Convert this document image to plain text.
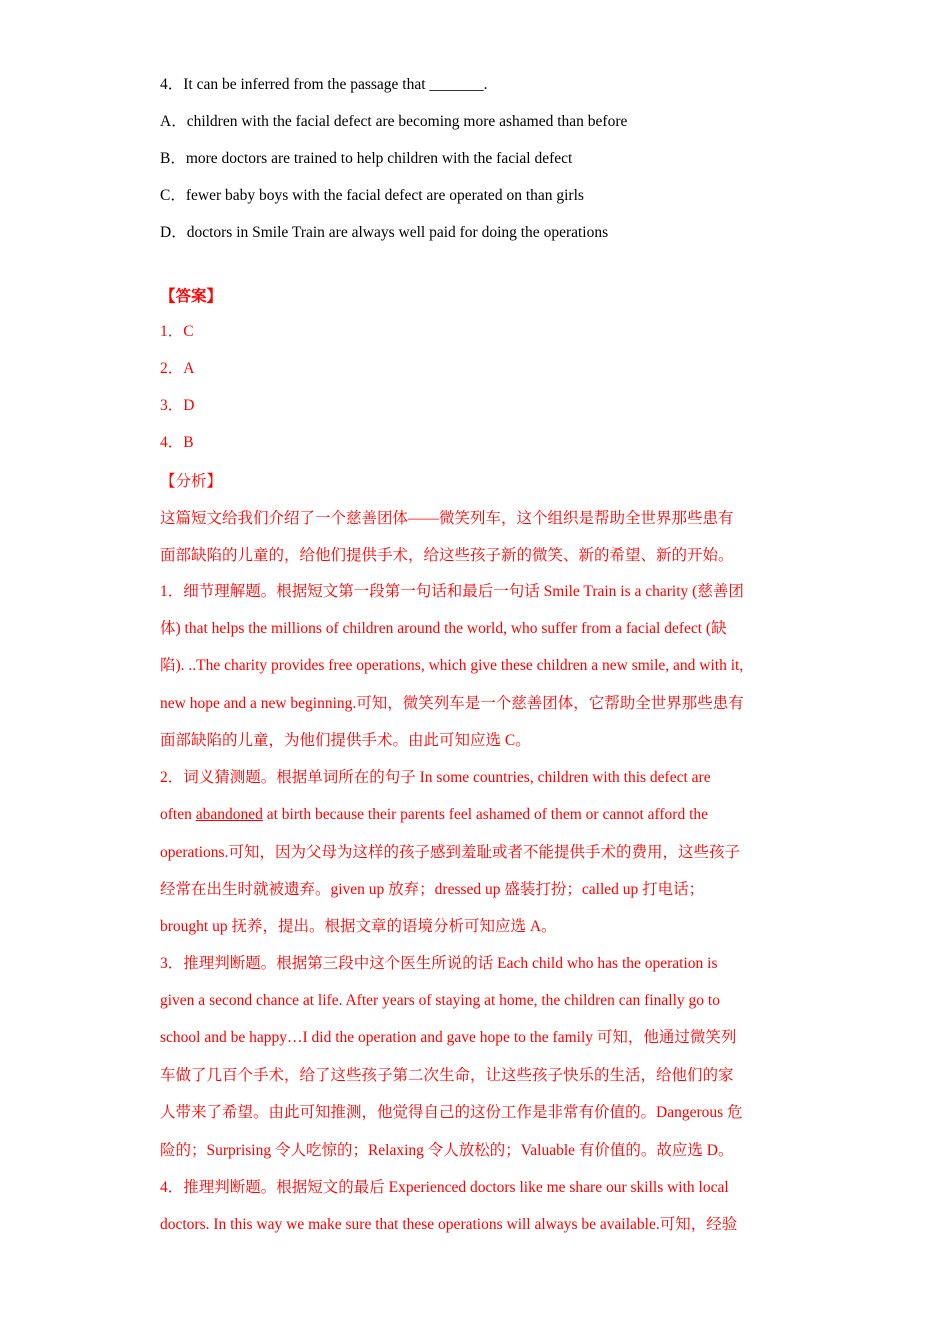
4．It can be inferred from the passage that _______.
A．children with the facial defect are becoming more ashamed than before
B．more doctors are trained to help children with the facial defect
C．fewer baby boys with the facial defect are operated on than girls
D．doctors in Smile Train are always well paid for doing the operations
【答案】
1．C
2．A
3．D
4．B
【分析】
这篇短文给我们介绍了一个慈善团体——微笑列车，这个组织是帮助全世界那些患有
面部缺陷的儿童的，给他们提供手术，给这些孩子新的微笑、新的希望、新的开始。
1．细节理解题。根据短文第一段第一句话和最后一句话 Smile Train is a charity (慈善团
体) that helps the millions of children around the world, who suffer from a facial defect (缺
陷). ..The charity provides free operations, which give these children a new smile, and with it,
new hope and a new beginning.可知，微笑列车是一个慈善团体，它帮助全世界那些患有
面部缺陷的儿童，为他们提供手术。由此可知应选 C。
2．词义猜测题。根据单词所在的句子 In some countries, children with this defect are
often abandoned at birth because their parents feel ashamed of them or cannot afford the
operations.可知，因为父母为这样的孩子感到羞耻或者不能提供手术的费用，这些孩子
经常在出生时就被遗弃。given up 放弃；dressed up 盛装打扮；called up 打电话；
brought up 抚养，提出。根据文章的语境分析可知应选 A。
3．推理判断题。根据第三段中这个医生所说的话 Each child who has the operation is
given a second chance at life. After years of staying at home, the children can finally go to
school and be happy…I did the operation and gave hope to the family 可知，他通过微笑列
车做了几百个手术，给了这些孩子第二次生命，让这些孩子快乐的生活，给他们的家
人带来了希望。由此可知推测，他觉得自己的这份工作是非常有价值的。Dangerous 危
险的；Surprising 令人吃惊的；Relaxing 令人放松的；Valuable 有价值的。故应选 D。
4．推理判断题。根据短文的最后 Experienced doctors like me share our skills with local
doctors. In this way we make sure that these operations will always be available.可知，经验
